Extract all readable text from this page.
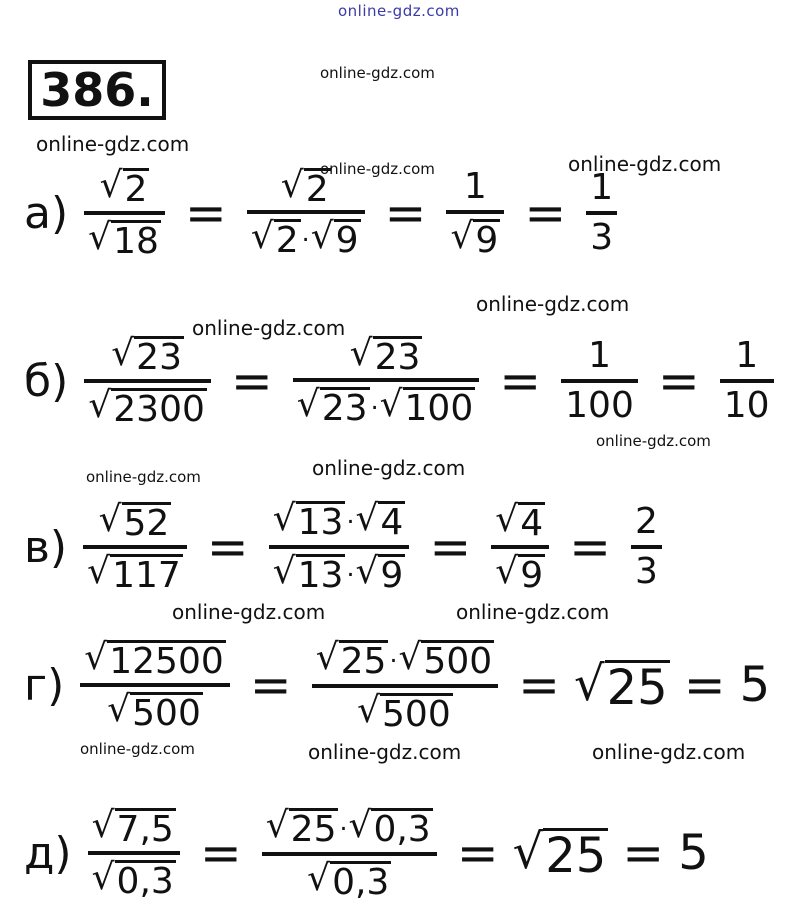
online-gdz.com
online-gdz.com
online-gdz.com
online-gdz.com	online-gdz.com
online-gdz.com
online-gdz.com
online-gdz.com
online-gdz.com	online-gdz.com
online-gdz.com	online-gdz.com
online-gdz.com	online-gdz.com	online-gdz.com
386.
$а) \frac{√ 2}{√ 18} = \frac{√ 2}{√ 2 \cdot √ 9} = \frac{1}{√ 9} = \frac{1}{3}$
$б) \frac{√ 23}{√ 2300} = \frac{√ 23}{√ 23 \cdot √ 100} = \frac{1}{100} = \frac{1}{10}$
$в) \frac{√ 52}{√ 117} = \frac{√ 13 \cdot √ 4}{√ 13 \cdot √ 9} = \frac{√ 4}{√ 9} = \frac{2}{3}$
$г) \frac{√ 12500}{√ 500} = \frac{√ 25 \cdot √ 500}{√ 500}$ = √ 25 = 5
$д) \frac{√ 7,5}{√ 0,3} = \frac{√ 25 \cdot √ 0,3}{√ 0,3}$ = √ 25 = 5
